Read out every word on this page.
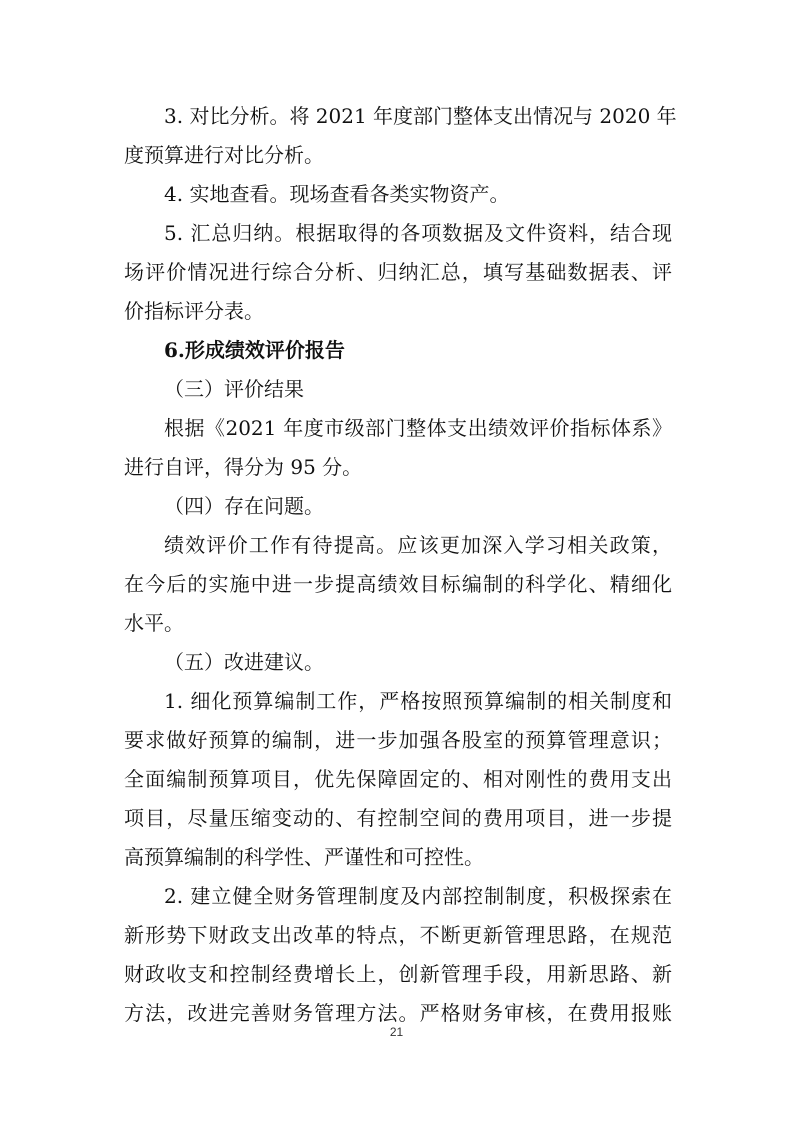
3. 对比分析。将 2021 年度部门整体支出情况与 2020 年
度预算进行对比分析。
4. 实地查看。现场查看各类实物资产。
5. 汇总归纳。根据取得的各项数据及文件资料，结合现
场评价情况进行综合分析、归纳汇总，填写基础数据表、评
价指标评分表。
6.形成绩效评价报告
（三）评价结果
根据《2021 年度市级部门整体支出绩效评价指标体系》
进行自评，得分为 95 分。
（四）存在问题。
绩效评价工作有待提高。应该更加深入学习相关政策，
在今后的实施中进一步提高绩效目标编制的科学化、精细化
水平。
（五）改进建议。
1. 细化预算编制工作，严格按照预算编制的相关制度和
要求做好预算的编制，进一步加强各股室的预算管理意识；
全面编制预算项目，优先保障固定的、相对刚性的费用支出
项目，尽量压缩变动的、有控制空间的费用项目，进一步提
高预算编制的科学性、严谨性和可控性。
2. 建立健全财务管理制度及内部控制制度，积极探索在
新形势下财政支出改革的特点，不断更新管理思路，在规范
财政收支和控制经费增长上，创新管理手段，用新思路、新
方法，改进完善财务管理方法。严格财务审核，在费用报账
21
